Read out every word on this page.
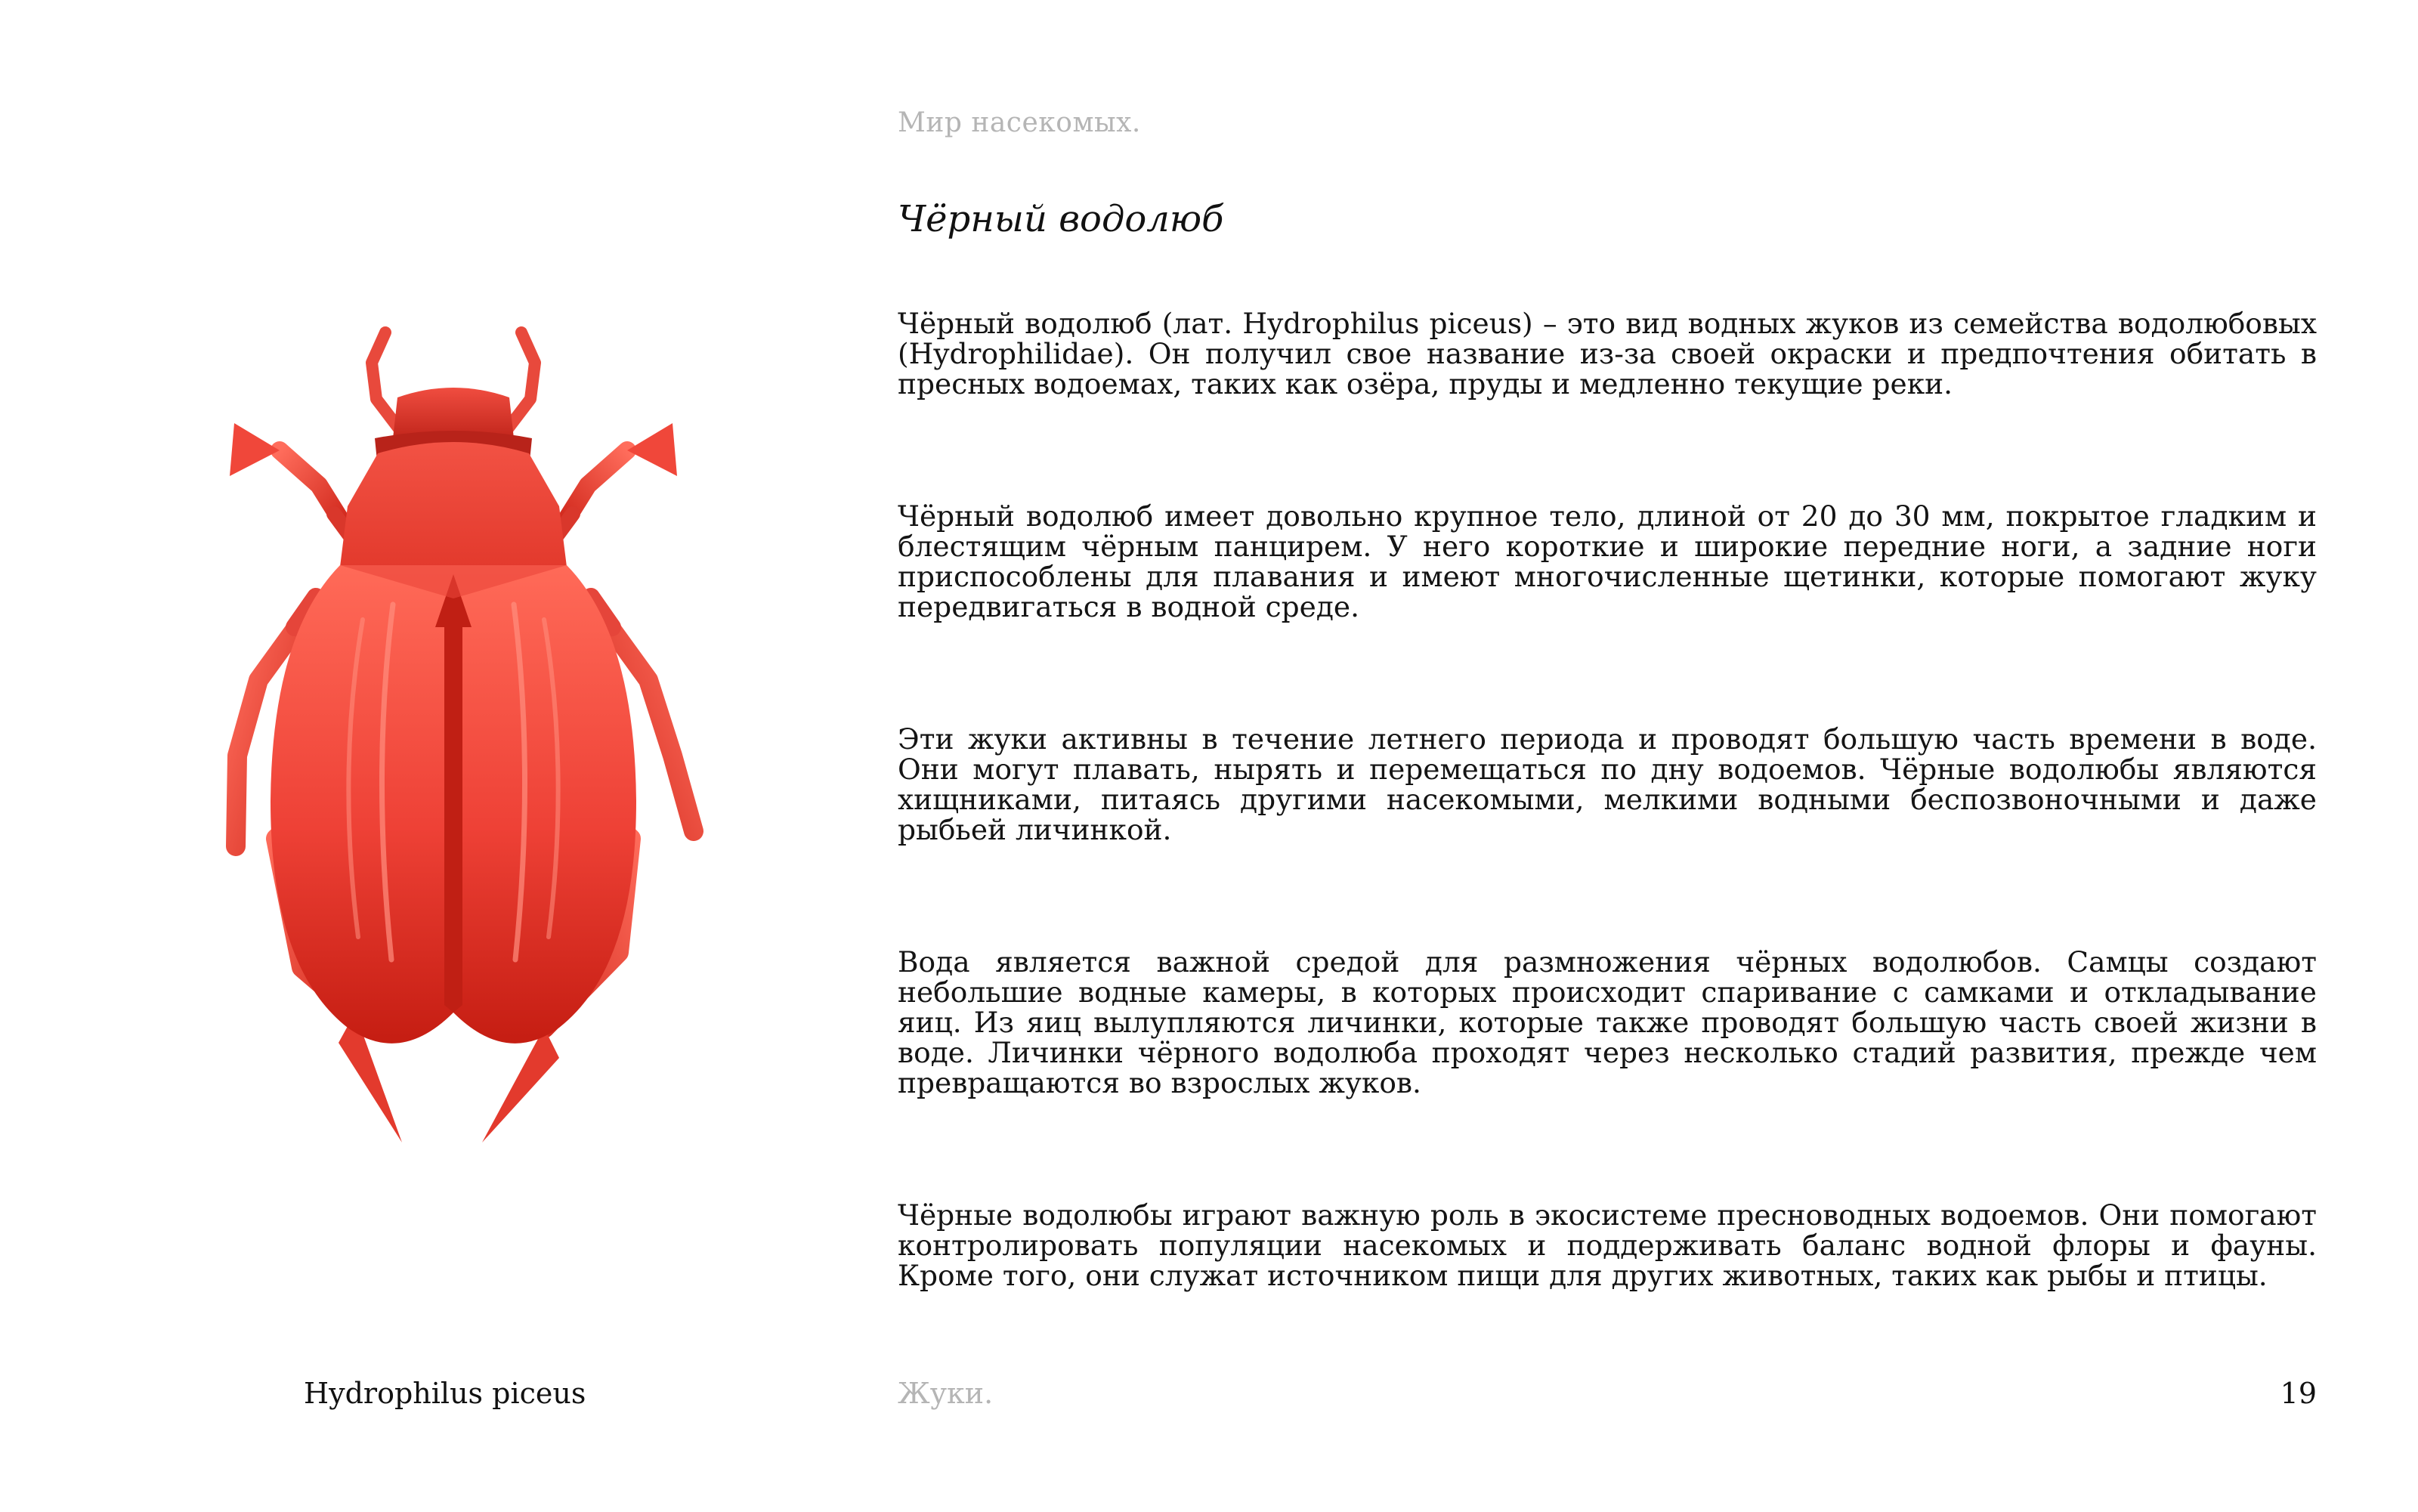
Мир насекомых.
Чёрный водолюб

Чёрный водолюб (лат. Hydrophilus piceus) – это вид водных жуков из семейства водолюбовых (Hydrophilidae). Он получил свое название из-за своей окраски и предпочтения обитать в пресных водоемах, таких как озёра, пруды и медленно текущие реки.

Чёрный водолюб имеет довольно крупное тело, длиной от 20 до 30 мм, покрытое гладким и блестящим чёрным панцирем. У него короткие и широкие передние ноги, а задние ноги приспособлены для плавания и имеют многочисленные щетинки, которые помогают жуку передвигаться в водной среде.

Эти жуки активны в течение летнего периода и проводят большую часть времени в воде. Они могут плавать, нырять и перемещаться по дну водоемов. Чёрные водолюбы являются хищниками, питаясь другими насекомыми, мелкими водными беспозвоночными и даже рыбьей личинкой.

Вода является важной средой для размножения чёрных водолюбов. Самцы создают небольшие водные камеры, в которых происходит спаривание с самками и откладывание яиц. Из яиц вылупляются личинки, которые также проводят большую часть своей жизни в воде. Личинки чёрного водолюба проходят через несколько стадий развития, прежде чем превращаются во взрослых жуков.

Чёрные водолюбы играют важную роль в экосистеме пресноводных водоемов. Они помогают контролировать популяции насекомых и поддерживать баланс водной флоры и фауны. Кроме того, они служат источником пищи для других животных, таких как рыбы и птицы.

Hydrophilus piceus	Жуки.	19
